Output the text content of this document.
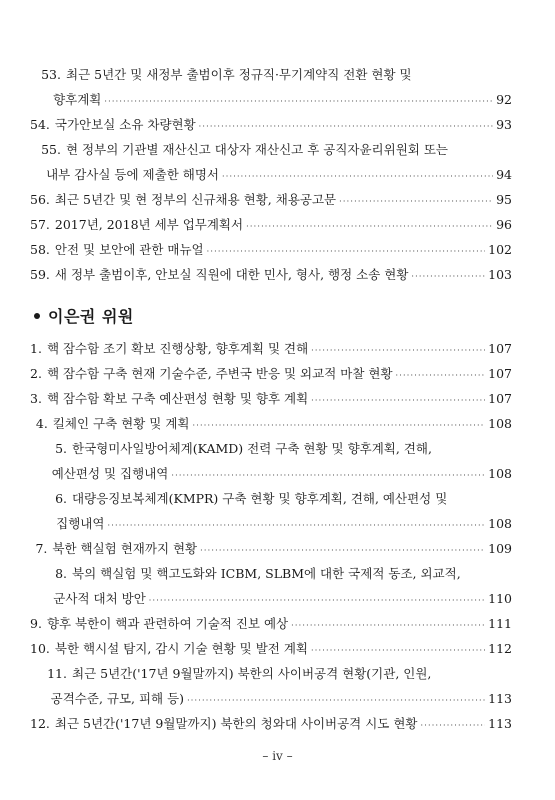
53. 최근 5년간 및 새정부 출범이후 정규직·무기계약직 전환 현황 및
향후계획 ·····	92
54. 국가안보실 소유 차량현황 ·····	93
55. 현 정부의 기관별 재산신고 대상자 재산신고 후 공직자윤리위원회 또는
내부 감사실 등에 제출한 해명서 ·····	94
56. 최근 5년간 및 현 정부의 신규채용 현황, 채용공고문 ·····	95
57. 2017년, 2018년 세부 업무계획서 ·····	96
58. 안전 및 보안에 관한 매뉴얼 ·····	102
59. 새 정부 출범이후, 안보실 직원에 대한 민사, 형사, 행정 소송 현황 ·····	103
이은권 위원
1. 핵 잠수함 조기 확보 진행상황, 향후계획 및 견해 ·····	107
2. 핵 잠수함 구축 현재 기술수준, 주변국 반응 및 외교적 마찰 현황 ·····	107
3. 핵 잠수함 확보 구축 예산편성 현황 및 향후 계획 ·····	107
4. 킬체인 구축 현황 및 계획 ·····	108
5. 한국형미사일방어체계(KAMD) 전력 구축 현황 및 향후계획, 견해,
예산편성 및 집행내역 ·····	108
6. 대량응징보복체계(KMPR) 구축 현황 및 향후계획, 견해, 예산편성 및
집행내역 ·····	108
7. 북한 핵실험 현재까지 현황 ·····	109
8. 북의 핵실험 및 핵고도화와 ICBM, SLBM에 대한 국제적 동조, 외교적,
군사적 대처 방안 ·····	110
9. 향후 북한이 핵과 관련하여 기술적 진보 예상 ·····	111
10. 북한 핵시설 탐지, 감시 기술 현황 및 발전 계획 ·····	112
11. 최근 5년간('17년 9월말까지) 북한의 사이버공격 현황(기관, 인원,
공격수준, 규모, 피해 등) ·····	113
12. 최근 5년간('17년 9월말까지) 북한의 청와대 사이버공격 시도 현황 ·····	113
– iv –
